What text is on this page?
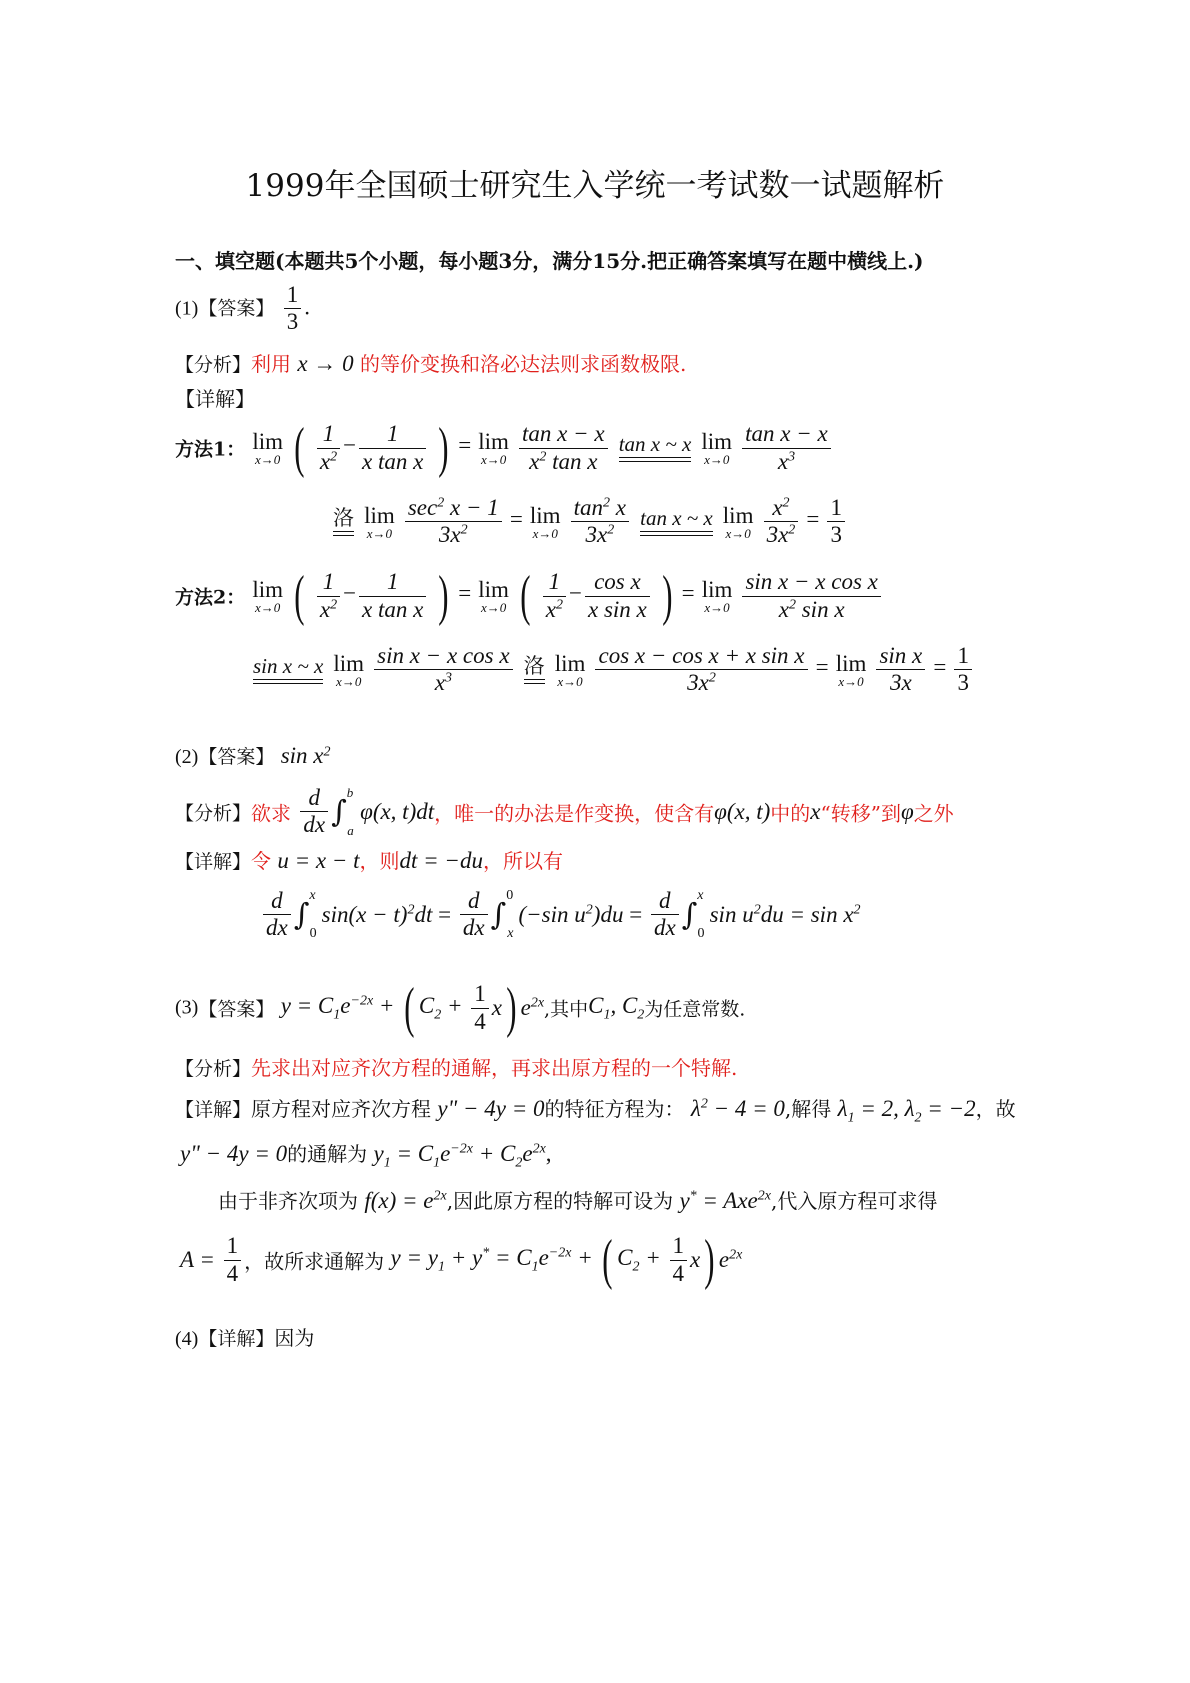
1999年全国硕士研究生入学统一考试数一试题解析
一、填空题(本题共5个小题，每小题3分，满分15分.把正确答案填写在题中横线上.)
(1)【答案】 $\frac{1}{3}$ .
【分析】利用 x → 0 的等价变换和洛必达法则求函数极限.
【详解】
方法1： lim
x→0 ( $\frac{1}{x^2} - \frac{1}{\text{x tan x}}$ ) = lim
x→0
$\frac{\text{tan x − x}}{x^2 \tan x}$
tan x ~ x
lim
x→0
$\frac{\text{tan x − x}}{x^3}$
洛
lim
x→0
$\frac{\sec^2 x - 1}{3x^2} = \lim$
x→0
$\frac{\tan^2 x}{3x^2}$
tan x ~ x
lim
x→0
$\frac{x^2}{3x^2} = \frac{1}{3}$
方法2： lim
x→0 ( $\frac{1}{x^2} - \frac{1}{\text{x tan x}}$ ) = lim
x→0 ( $\frac{1}{x^2} - \frac{\text{cos x}}{\text{x sin x}}$ ) = lim
x→0
$\frac{\text{sin x − x cos x}}{x^2 \sin x}$
sin x ~ x
lim
x→0
$\frac{\text{sin x − x cos x}}{x^3}$
洛
lim
x→0
$\frac{\text{cos x − cos x + x sin x}}{3x^2} = \lim$
x→0
$\frac{\text{sin x}}{3x} = \frac{1}{3}$
(2)【答案】 $\sin x^2$
【分析】欲求 $\frac{d}{dx} \int^ba$ φ(x, t)dt，唯一的办法是作变换，使含有φ(x, t)中的x“转移”到φ之外
【详解】令 u = x − t，则dt = −du，所以有
$\frac{d}{dx} \int x0$ $\sin(x - t)^2dt = \frac{d}{dx} \int 0x$ (−sin $u^2)du = \frac{d}{dx} \int x0$ $\sin u^2du = \sin x^2$
(3)【答案】 $y = C_1e^{-2x}$ + ( $C_2 + \frac{1}{4} x$) $e^{2x}$,其中$C_1$, $C_2$为任意常数.
【分析】先求出对应齐次方程的通解，再求出原方程的一个特解.
【详解】原方程对应齐次方程 y" − 4y = 0的特征方程为： $\lambda^2 - 4 = 0$,解得 $\lambda_1 = 2$, $\lambda_2 = -2$，故
y" − 4y = 0的通解为 $y_1 = C_1e^{-2x} + C_2e^{2x}$,
由于非齐次项为 $f(x) = e^{2x}$,因此原方程的特解可设为 y* = Axe$^{2x}$,代入原方程可求得
$A = \frac{1}{4}$ ，故所求通解为 $y = y_1 + y^* = C_1e^{-2x}$ + ( $C_2 + \frac{1}{4} x$) $e^{2x}$
(4)【详解】因为
